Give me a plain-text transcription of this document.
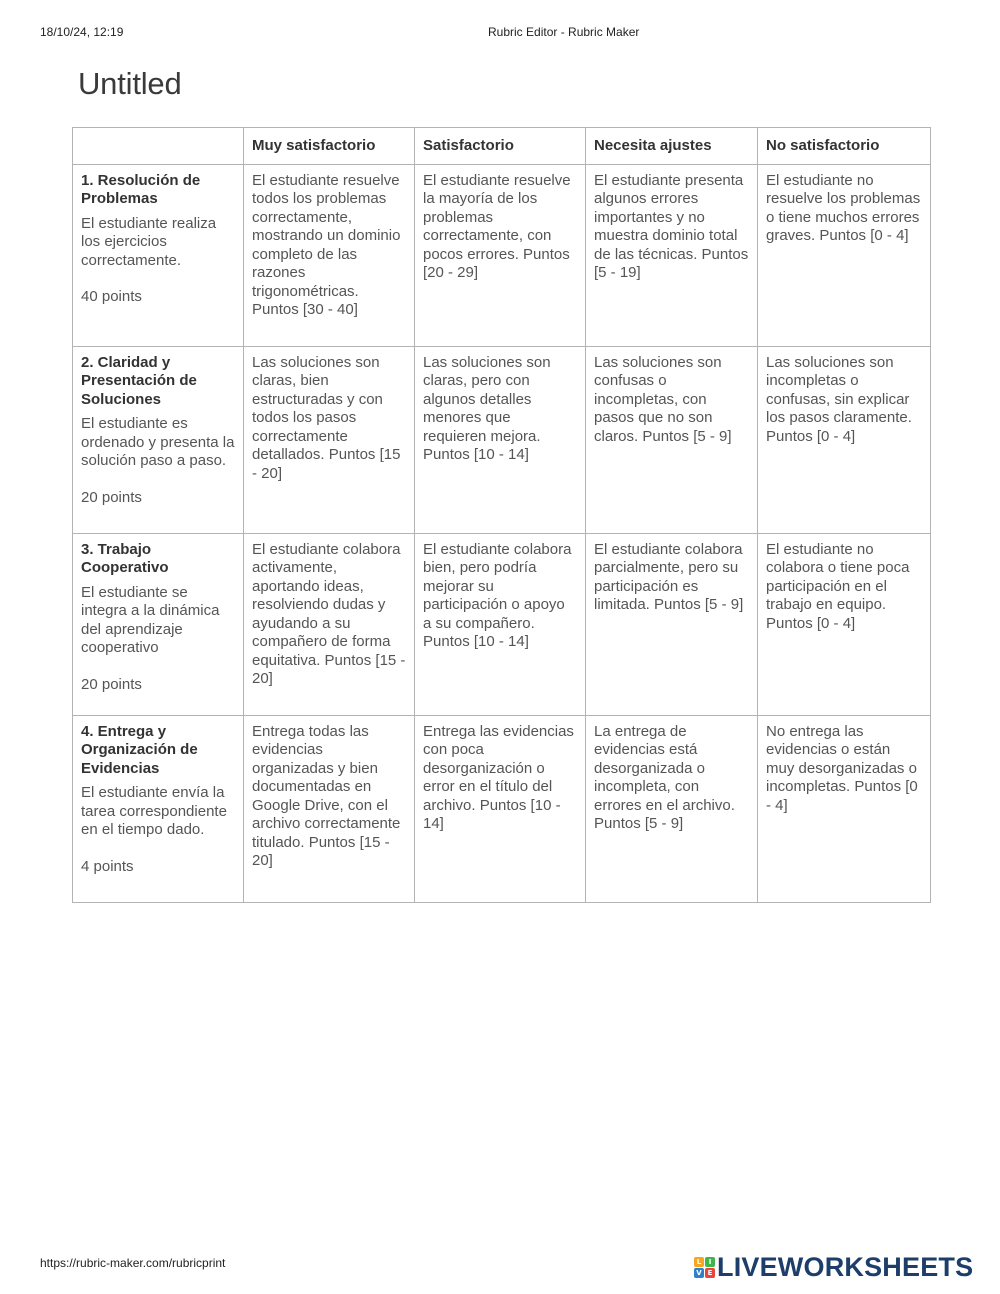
18/10/24, 12:19	Rubric Editor - Rubric Maker
Untitled
	Muy satisfactorio	Satisfactorio	Necesita ajustes	No satisfactorio

1. Resolución de Problemas
El estudiante realiza los ejercicios correctamente.
40 points	El estudiante resuelve todos los problemas correctamente, mostrando un dominio completo de las razones trigonométricas. Puntos [30 - 40]	El estudiante resuelve la mayoría de los problemas correctamente, con pocos errores. Puntos [20 - 29]	El estudiante presenta algunos errores importantes y no muestra dominio total de las técnicas. Puntos [5 - 19]	El estudiante no resuelve los problemas o tiene muchos errores graves. Puntos [0 - 4]

2. Claridad y Presentación de Soluciones
El estudiante es ordenado y presenta la solución paso a paso.
20 points	Las soluciones son claras, bien estructuradas y con todos los pasos correctamente detallados. Puntos [15 - 20]	Las soluciones son claras, pero con algunos detalles menores que requieren mejora. Puntos [10 - 14]	Las soluciones son confusas o incompletas, con pasos que no son claros. Puntos [5 - 9]	Las soluciones son incompletas o confusas, sin explicar los pasos claramente. Puntos [0 - 4]

3. Trabajo Cooperativo
El estudiante se integra a la dinámica del aprendizaje cooperativo
20 points	El estudiante colabora activamente, aportando ideas, resolviendo dudas y ayudando a su compañero de forma equitativa. Puntos [15 - 20]	El estudiante colabora bien, pero podría mejorar su participación o apoyo a su compañero. Puntos [10 - 14]	El estudiante colabora parcialmente, pero su participación es limitada. Puntos [5 - 9]	El estudiante no colabora o tiene poca participación en el trabajo en equipo. Puntos [0 - 4]

4. Entrega y Organización de Evidencias
El estudiante envía la tarea correspondiente en el tiempo dado.
4 points	Entrega todas las evidencias organizadas y bien documentadas en Google Drive, con el archivo correctamente titulado. Puntos [15 - 20]	Entrega las evidencias con poca desorganización o error en el título del archivo. Puntos [10 - 14]	La entrega de evidencias está desorganizada o incompleta, con errores en el archivo. Puntos [5 - 9]	No entrega las evidencias o están muy desorganizadas o incompletas. Puntos [0 - 4]
https://rubric-maker.com/rubricprint	L	I
V E LIVEWORKSHEETS
